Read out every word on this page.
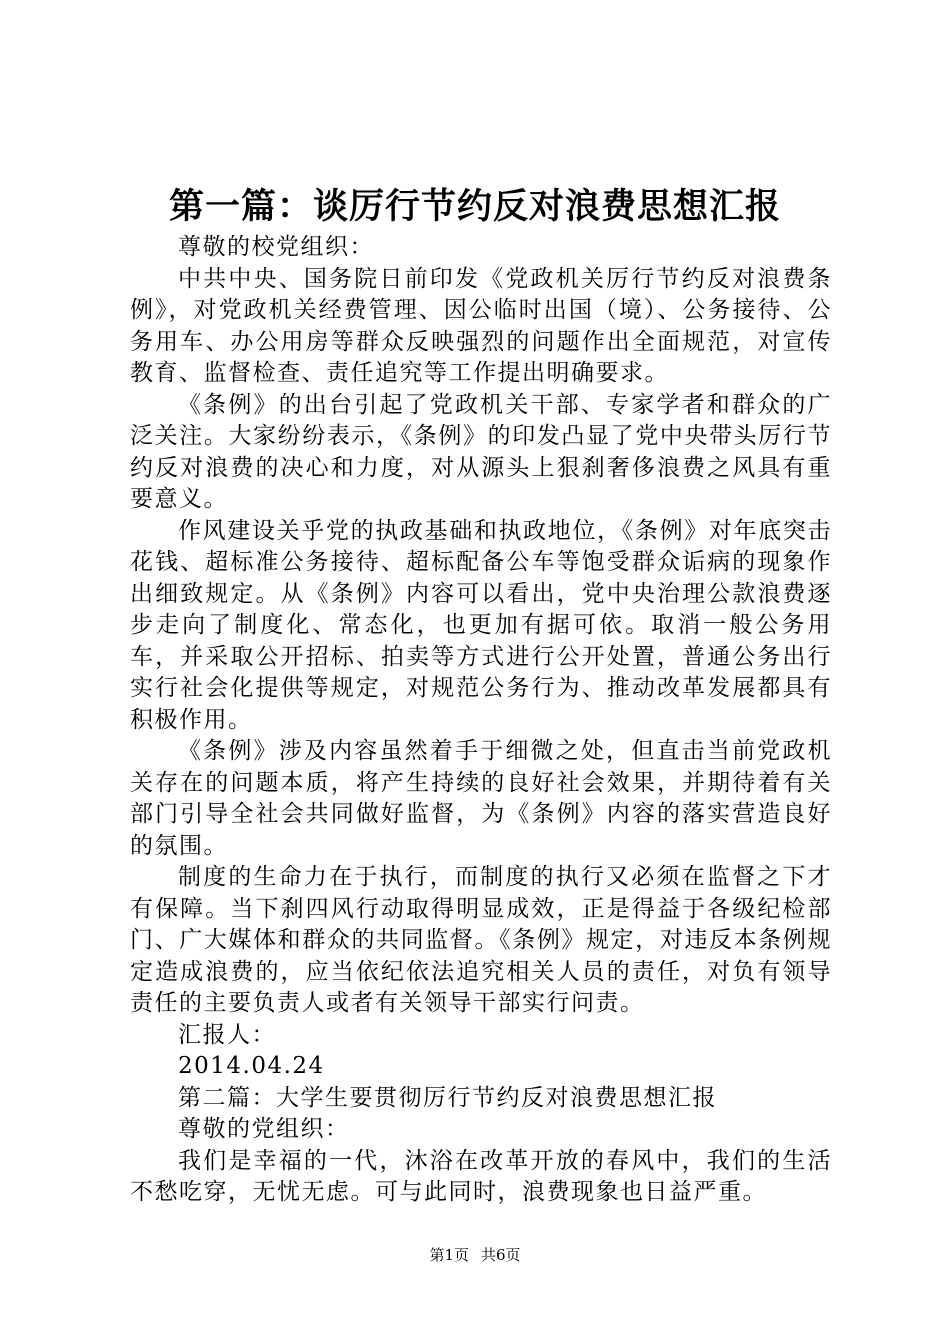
第一篇：谈厉行节约反对浪费思想汇报

尊敬的校党组织：

中共中央、国务院日前印发《党政机关厉行节约反对浪费条例》，对党政机关经费管理、因公临时出国（境）、公务接待、公务用车、办公用房等群众反映强烈的问题作出全面规范，对宣传教育、监督检查、责任追究等工作提出明确要求。

《条例》的出台引起了党政机关干部、专家学者和群众的广泛关注。大家纷纷表示，《条例》的印发凸显了党中央带头厉行节约反对浪费的决心和力度，对从源头上狠刹奢侈浪费之风具有重要意义。

作风建设关乎党的执政基础和执政地位，《条例》对年底突击花钱、超标准公务接待、超标配备公车等饱受群众诟病的现象作出细致规定。从《条例》内容可以看出，党中央治理公款浪费逐步走向了制度化、常态化，也更加有据可依。取消一般公务用车，并采取公开招标、拍卖等方式进行公开处置，普通公务出行实行社会化提供等规定，对规范公务行为、推动改革发展都具有积极作用。

《条例》涉及内容虽然着手于细微之处，但直击当前党政机关存在的问题本质，将产生持续的良好社会效果，并期待着有关部门引导全社会共同做好监督，为《条例》内容的落实营造良好的氛围。

制度的生命力在于执行，而制度的执行又必须在监督之下才有保障。当下刹四风行动取得明显成效，正是得益于各级纪检部门、广大媒体和群众的共同监督。《条例》规定，对违反本条例规定造成浪费的，应当依纪依法追究相关人员的责任，对负有领导责任的主要负责人或者有关领导干部实行问责。

汇报人：

2014.04.24

第二篇：大学生要贯彻厉行节约反对浪费思想汇报

尊敬的党组织：

我们是幸福的一代，沐浴在改革开放的春风中，我们的生活不愁吃穿，无忧无虑。可与此同时，浪费现象也日益严重。

第1页 共6页
